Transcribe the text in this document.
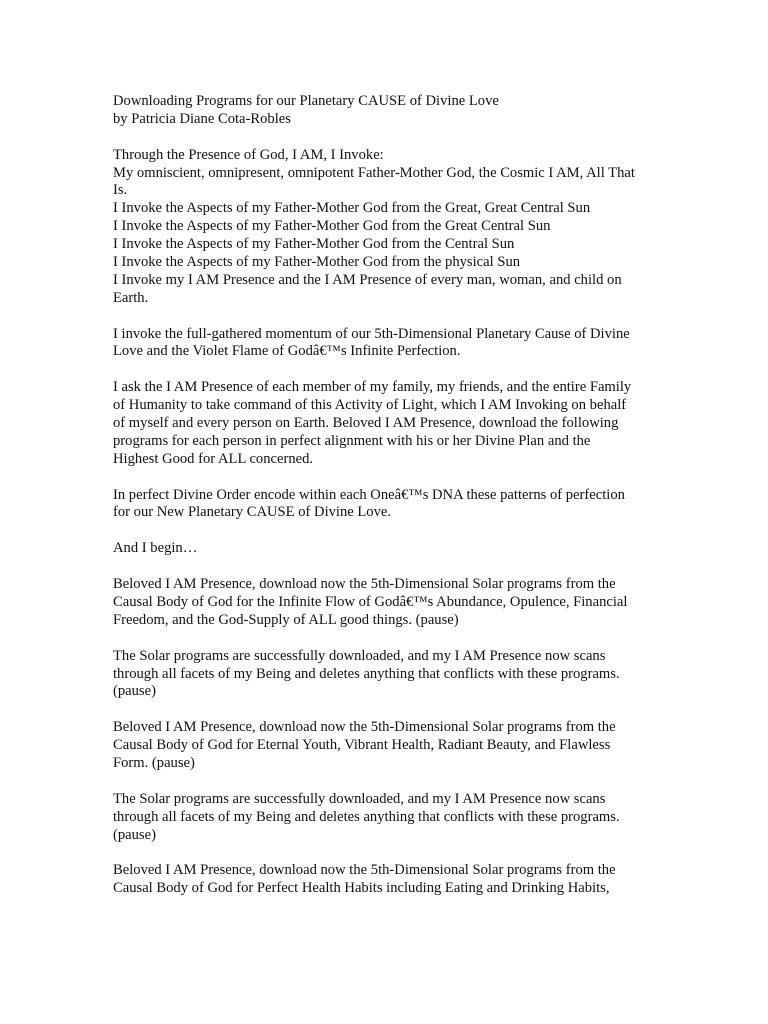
Downloading Programs for our Planetary CAUSE of Divine Love
by Patricia Diane Cota-Robles
Through the Presence of God, I AM, I Invoke:
My omniscient, omnipresent, omnipotent Father-Mother God, the Cosmic I AM, All That
Is.
I Invoke the Aspects of my Father-Mother God from the Great, Great Central Sun
I Invoke the Aspects of my Father-Mother God from the Great Central Sun
I Invoke the Aspects of my Father-Mother God from the Central Sun
I Invoke the Aspects of my Father-Mother God from the physical Sun
I Invoke my I AM Presence and the I AM Presence of every man, woman, and child on
Earth.
I invoke the full-gathered momentum of our 5th-Dimensional Planetary Cause of Divine
Love and the Violet Flame of Godâ€™s Infinite Perfection.
I ask the I AM Presence of each member of my family, my friends, and the entire Family
of Humanity to take command of this Activity of Light, which I AM Invoking on behalf
of myself and every person on Earth. Beloved I AM Presence, download the following
programs for each person in perfect alignment with his or her Divine Plan and the
Highest Good for ALL concerned.
In perfect Divine Order encode within each Oneâ€™s DNA these patterns of perfection
for our New Planetary CAUSE of Divine Love.
And I begin…
Beloved I AM Presence, download now the 5th-Dimensional Solar programs from the
Causal Body of God for the Infinite Flow of Godâ€™s Abundance, Opulence, Financial
Freedom, and the God-Supply of ALL good things. (pause)
The Solar programs are successfully downloaded, and my I AM Presence now scans
through all facets of my Being and deletes anything that conflicts with these programs.
(pause)
Beloved I AM Presence, download now the 5th-Dimensional Solar programs from the
Causal Body of God for Eternal Youth, Vibrant Health, Radiant Beauty, and Flawless
Form. (pause)
The Solar programs are successfully downloaded, and my I AM Presence now scans
through all facets of my Being and deletes anything that conflicts with these programs.
(pause)
Beloved I AM Presence, download now the 5th-Dimensional Solar programs from the
Causal Body of God for Perfect Health Habits including Eating and Drinking Habits,
